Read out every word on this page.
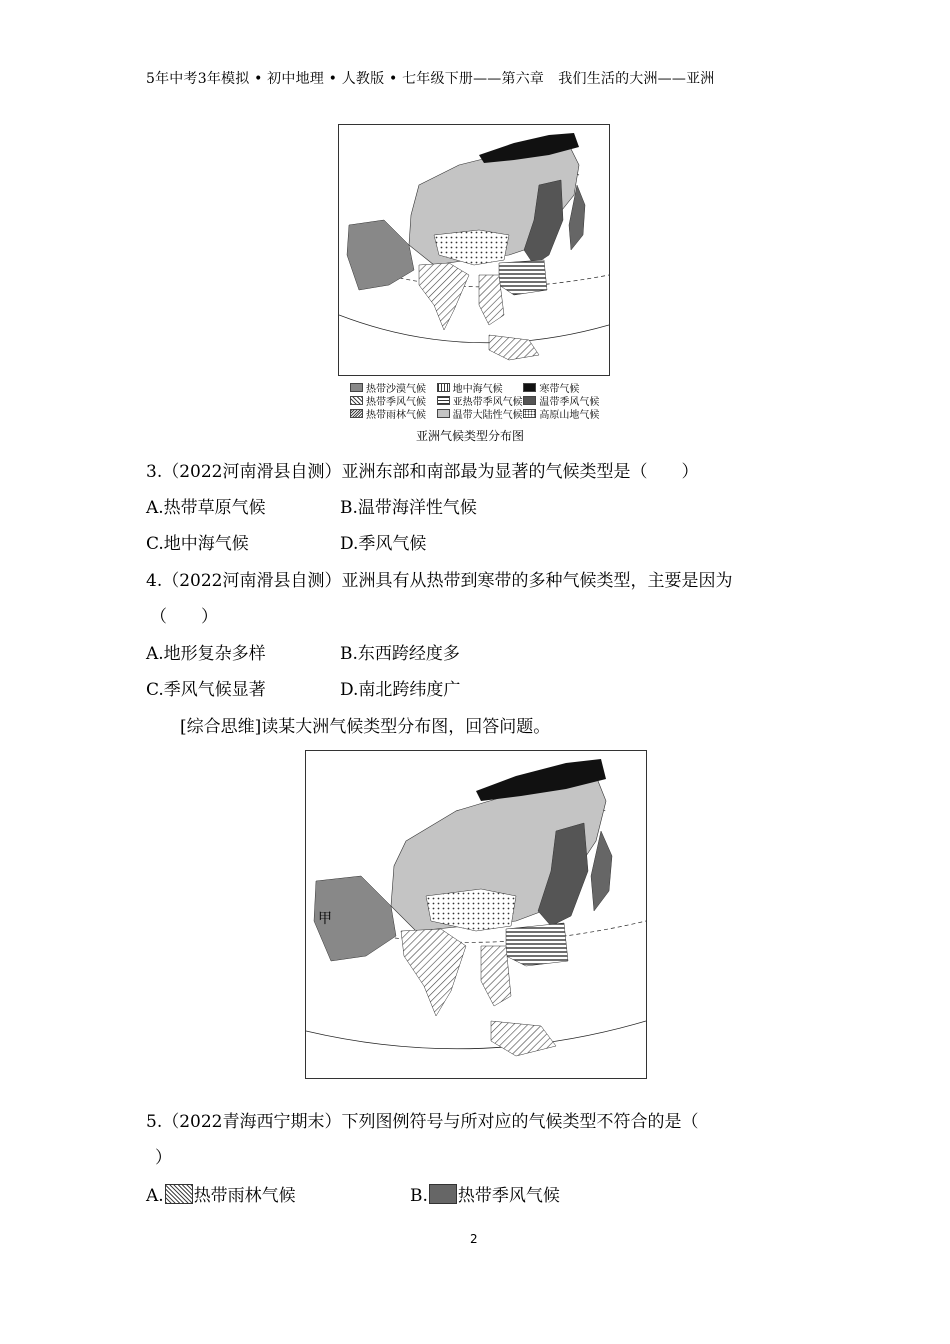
5年中考3年模拟 • 初中地理 • 人教版 • 七年级下册——第六章　我们生活的大洲——亚洲
热带沙漠气候	地中海气候	寒带气候
热带季风气候	亚热带季风气候 温带季风气候
热带雨林气候	温带大陆性气候 高原山地气候
亚洲气候类型分布图
3.（2022河南滑县自测）亚洲东部和南部最为显著的气候类型是（　　）
A.热带草原气候	B.温带海洋性气候
C.地中海气候	D.季风气候
4.（2022河南滑县自测）亚洲具有从热带到寒带的多种气候类型，主要是因为
（　　）
A.地形复杂多样	B.东西跨经度多
C.季风气候显著	D.南北跨纬度广
[综合思维]读某大洲气候类型分布图，回答问题。
甲
5.（2022青海西宁期末）下列图例符号与所对应的气候类型不符合的是（
）
A. 热带雨林气候	B. 热带季风气候
2
